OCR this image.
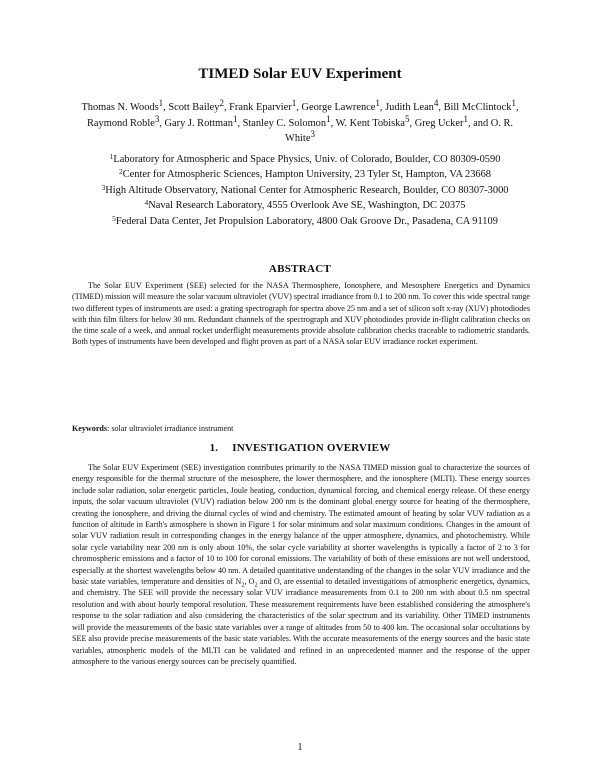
TIMED Solar EUV Experiment
Thomas N. Woods$^1$, Scott Bailey$^2$, Frank Eparvier$^1$, George Lawrence$^1$, Judith Lean$^4$, Bill McClintock$^1$, Raymond Roble$^3$, Gary J. Rottman$^1$, Stanley C. Solomon$^1$, W. Kent Tobiska$^5$, Greg Ucker$^1$, and O. R. White$^3$
$^1$Laboratory for Atmospheric and Space Physics, Univ. of Colorado, Boulder, CO 80309-0590
$^2$Center for Atmospheric Sciences, Hampton University, 23 Tyler St, Hampton, VA 23668
$^3$High Altitude Observatory, National Center for Atmospheric Research, Boulder, CO 80307-3000
$^4$Naval Research Laboratory, 4555 Overlook Ave SE, Washington, DC 20375
$^5$Federal Data Center, Jet Propulsion Laboratory, 4800 Oak Groove Dr., Pasadena, CA 91109
ABSTRACT
The Solar EUV Experiment (SEE) selected for the NASA Thermosphere, Ionosphere, and Mesosphere Energetics and Dynamics (TIMED) mission will measure the solar vacuum ultraviolet (VUV) spectral irradiance from 0.1 to 200 nm. To cover this wide spectral range two different types of instruments are used: a grating spectrograph for spectra above 25 nm and a set of silicon soft x-ray (XUV) photodiodes with thin film filters for below 30 nm. Redundant channels of the spectrograph and XUV photodiodes provide in-flight calibration checks on the time scale of a week, and annual rocket underflight measurements provide absolute calibration checks traceable to radiometric standards. Both types of instruments have been developed and flight proven as part of a NASA solar EUV irradiance rocket experiment.
Keywords: solar ultraviolet irradiance instrument
1. INVESTIGATION OVERVIEW
The Solar EUV Experiment (SEE) investigation contributes primarily to the NASA TIMED mission goal to characterize the sources of energy responsible for the thermal structure of the mesosphere, the lower thermosphere, and the ionosphere (MLTI). These energy sources include solar radiation, solar energetic particles, Joule heating, conduction, dynamical forcing, and chemical energy release. Of these energy inputs, the solar vacuum ultraviolet (VUV) radiation below 200 nm is the dominant global energy source for heating of the thermosphere, creating the ionosphere, and driving the diurnal cycles of wind and chemistry. The estimated amount of heating by solar VUV radiation as a function of altitude in Earth's atmosphere is shown in Figure 1 for solar minimum and solar maximum conditions. Changes in the amount of solar VUV radiation result in corresponding changes in the energy balance of the upper atmosphere, dynamics, and photochemistry. While solar cycle variability near 200 nm is only about 10%, the solar cycle variability at shorter wavelengths is typically a factor of 2 to 3 for chromospheric emissions and a factor of 10 to 100 for coronal emissions. The variability of both of these emissions are not well understood, especially at the shortest wavelengths below 40 nm. A detailed quantitative understanding of the changes in the solar VUV irradiance and the basic state variables, temperature and densities of $N_2$, $O_2$ and O, are essential to detailed investigations of atmospheric energetics, dynamics, and chemistry. The SEE will provide the necessary solar VUV irradiance measurements from 0.1 to 200 nm with about 0.5 nm spectral resolution and with about hourly temporal resolution. These measurement requirements have been established considering the atmosphere's response to the solar radiation and also considering the characteristics of the solar spectrum and its variability. Other TIMED instruments will provide the measurements of the basic state variables over a range of altitudes from 50 to 400 km. The occasional solar occultations by SEE also provide precise measurements of the basic state variables. With the accurate measurements of the energy sources and the basic state variables, atmospheric models of the MLTI can be validated and refined in an unprecedented manner and the response of the upper atmosphere to the various energy sources can be precisely quantified.
1
